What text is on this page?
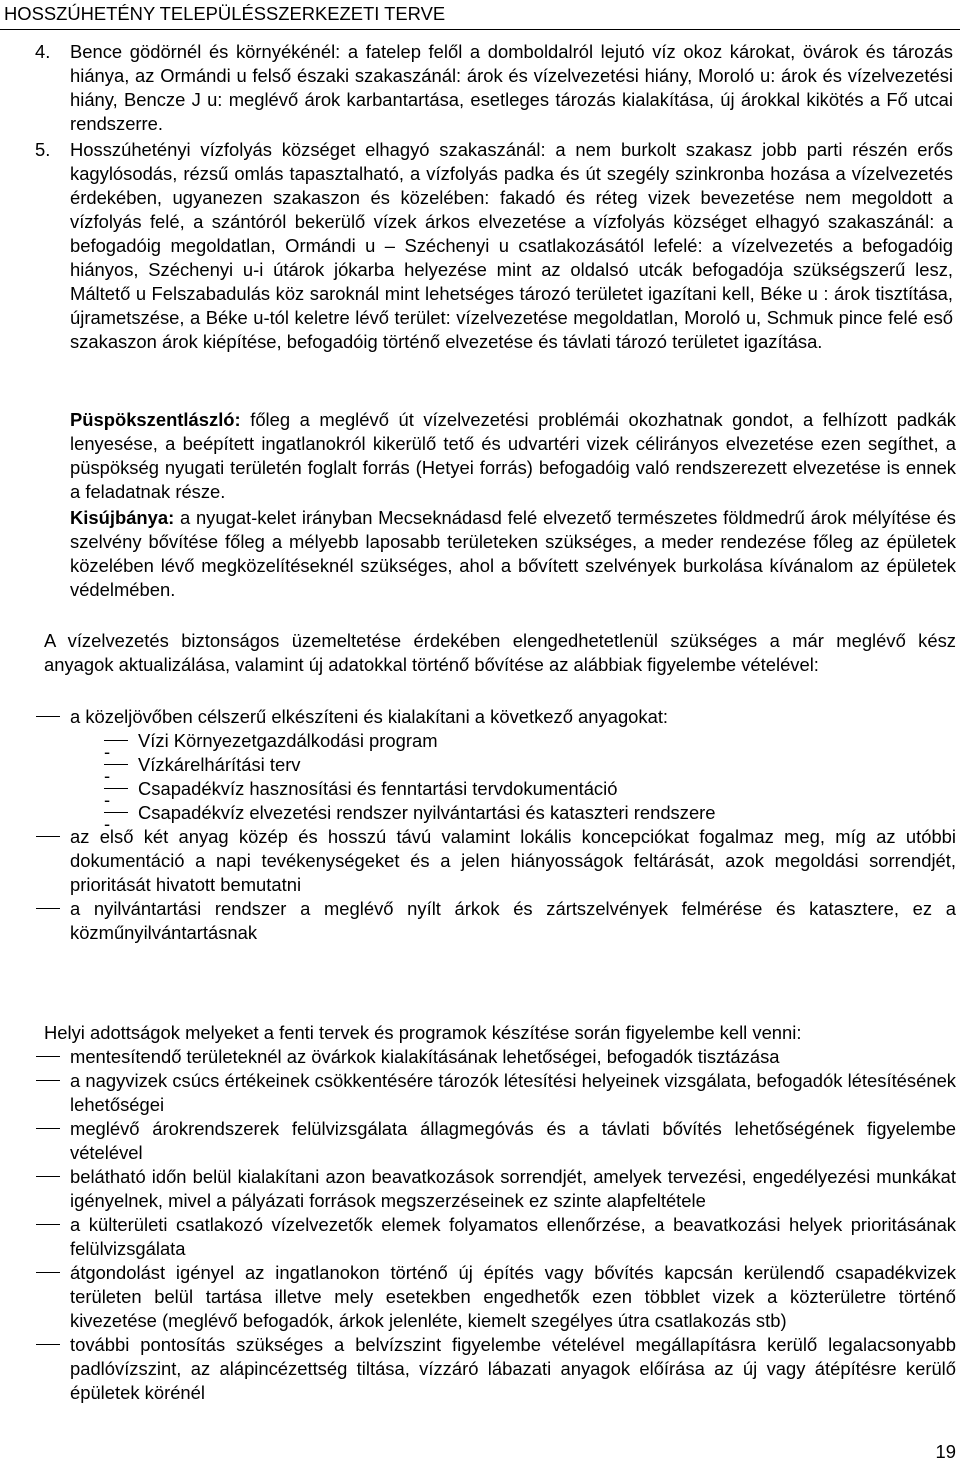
HOSSZÚHETÉNY TELEPÜLÉSSZERKEZETI TERVE

4. Bence gödörnél és környékénél: a fatelep felől a domboldalról lejutó víz okoz károkat, övárok és tározás hiánya, az Ormándi u felső északi szakaszánál: árok és vízelvezetési hiány, Moroló u: árok és vízelvezetési hiány, Bencze J u: meglévő árok karbantartása, esetleges tározás kialakítása, új árokkal kikötés a Fő utcai rendszerre.

5. Hosszúhetényi vízfolyás községet elhagyó szakaszánál: a nem burkolt szakasz jobb parti részén erős kagylósodás, rézsű omlás tapasztalható, a vízfolyás padka és út szegély szinkronba hozása a vízelvezetés érdekében, ugyanezen szakaszon és közelében: fakadó és réteg vizek bevezetése nem megoldott a vízfolyás felé, a szántóról bekerülő vízek árkos elvezetése a vízfolyás községet elhagyó szakaszánál: a befogadóig megoldatlan, Ormándi u – Széchenyi u csatlakozásától lefelé: a vízelvezetés a befogadóig hiányos, Széchenyi u-i útárok jókarba helyezése mint az oldalsó utcák befogadója szükségszerű lesz, Máltető u Felszabadulás köz saroknál mint lehetséges tározó területet igazítani kell, Béke u : árok tisztítása, újrametszése, a Béke u-tól keletre lévő terület: vízelvezetése megoldatlan, Moroló u, Schmuk pince felé eső szakaszon árok kiépítése, befogadóig történő elvezetése és távlati tározó területet igazítása.

Püspökszentlászló: főleg a meglévő út vízelvezetési problémái okozhatnak gondot, a felhízott padkák lenyesése, a beépített ingatlanokról kikerülő tető és udvartéri vizek célirányos elvezetése ezen segíthet, a püspökség nyugati területén foglalt forrás (Hetyei forrás) befogadóig való rendszerezett elvezetése is ennek a feladatnak része.

Kisújbánya: a nyugat-kelet irányban Mecseknádasd felé elvezető természetes földmedrű árok mélyítése és szelvény bővítése főleg a mélyebb laposabb területeken szükséges, a meder rendezése főleg az épületek közelében lévő megközelítéseknél szükséges, ahol a bővített szelvények burkolása kívánalom az épületek védelmében.

A vízelvezetés biztonságos üzemeltetése érdekében elengedhetetlenül szükséges a már meglévő kész anyagok aktualizálása, valamint új adatokkal történő bővítése az alábbiak figyelembe vételével:

a közeljövőben célszerű elkészíteni és kialakítani a következő anyagokat:
- Vízi Környezetgazdálkodási program
- Vízkárelhárítási terv
- Csapadékvíz hasznosítási és fenntartási tervdokumentáció
- Csapadékvíz elvezetési rendszer nyilvántartási és kataszteri rendszere
az első két anyag közép és hosszú távú valamint lokális koncepciókat fogalmaz meg, míg az utóbbi dokumentáció a napi tevékenységeket és a jelen hiányosságok feltárását, azok megoldási sorrendjét, prioritását hivatott bemutatni
a nyilvántartási rendszer a meglévő nyílt árkok és zártszelvények felmérése és katasztere, ez a közműnyilvántartásnak

Helyi adottságok melyeket a fenti tervek és programok készítése során figyelembe kell venni:

mentesítendő területeknél az övárkok kialakításának lehetőségei, befogadók tisztázása
a nagyvizek csúcs értékeinek csökkentésére tározók létesítési helyeinek vizsgálata, befogadók létesítésének lehetőségei
meglévő árokrendszerek felülvizsgálata állagmegóvás és a távlati bővítés lehetőségének figyelembe vételével
belátható időn belül kialakítani azon beavatkozások sorrendjét, amelyek tervezési, engedélyezési munkákat igényelnek, mivel a pályázati források megszerzéseinek ez szinte alapfeltétele
a külterületi csatlakozó vízelvezetők elemek folyamatos ellenőrzése, a beavatkozási helyek prioritásának felülvizsgálata
átgondolást igényel az ingatlanokon történő új építés vagy bővítés kapcsán kerülendő csapadékvizek területen belül tartása illetve mely esetekben engedhetők ezen többlet vizek a közterületre történő kivezetése (meglévő befogadók, árkok jelenléte, kiemelt szegélyes útra csatlakozás stb)
további pontosítás szükséges a belvízszint figyelembe vételével megállapításra kerülő legalacsonyabb padlóvízszint, az alápincézettség tiltása, vízzáró lábazati anyagok előírása az új vagy átépítésre kerülő épületek körénél
19
